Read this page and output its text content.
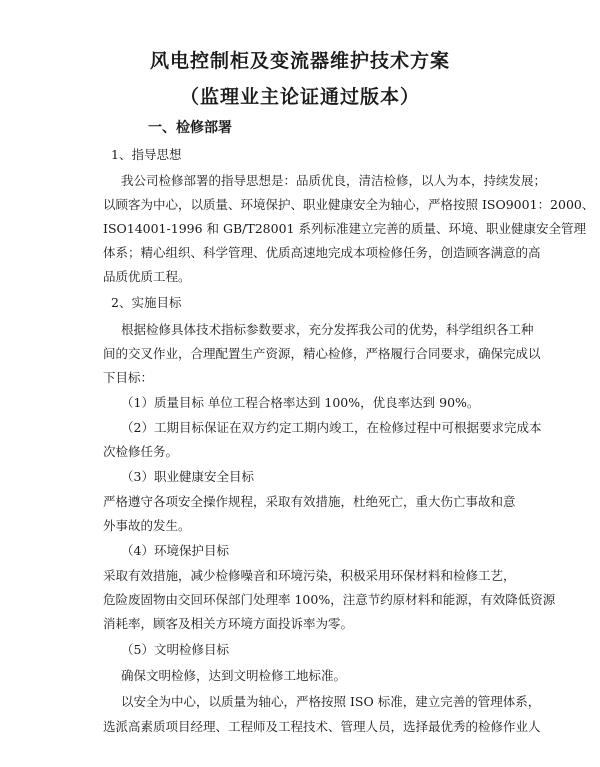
风电控制柜及变流器维护技术方案
（监理业主论证通过版本）
一、检修部署

1、指导思想

我公司检修部署的指导思想是：品质优良，清洁检修，以人为本，持续发展；

以顾客为中心，以质量、环境保护、职业健康安全为轴心，严格按照 ISO9001：2000、

ISO14001-1996 和 GB/T28001 系列标准建立完善的质量、环境、职业健康安全管理

体系；精心组织、科学管理、优质高速地完成本项检修任务，创造顾客满意的高

品质优质工程。

2、实施目标

根据检修具体技术指标参数要求，充分发挥我公司的优势，科学组织各工种

间的交叉作业，合理配置生产资源，精心检修，严格履行合同要求，确保完成以

下目标：

（1）质量目标 单位工程合格率达到 100%，优良率达到 90%。

（2）工期目标保证在双方约定工期内竣工，在检修过程中可根据要求完成本

次检修任务。

（3）职业健康安全目标

严格遵守各项安全操作规程，采取有效措施，杜绝死亡，重大伤亡事故和意

外事故的发生。

（4）环境保护目标

采取有效措施，减少检修噪音和环境污染，积极采用环保材料和检修工艺，

危险废固物由交回环保部门处理率 100%，注意节约原材料和能源，有效降低资源

消耗率，顾客及相关方环境方面投诉率为零。

（5）文明检修目标

确保文明检修，达到文明检修工地标准。

以安全为中心，以质量为轴心，严格按照 ISO 标准，建立完善的管理体系，

选派高素质项目经理、工程师及工程技术、管理人员，选择最优秀的检修作业人
